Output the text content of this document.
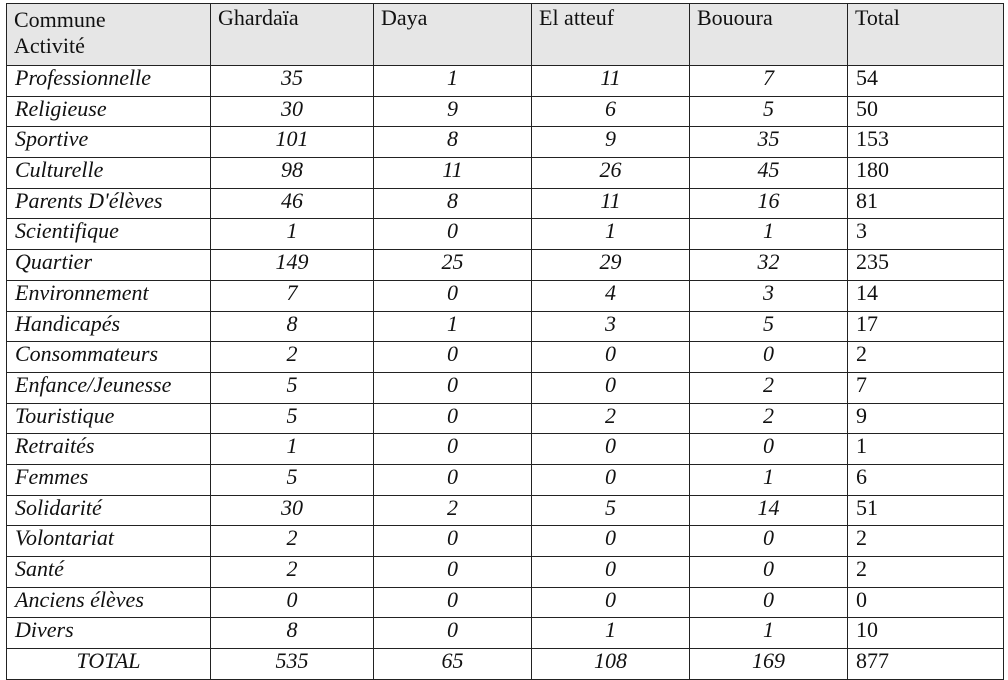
Commune
Activité	Ghardaïa	Daya	El atteuf	Bououra	Total
Professionnelle	35	1	11	7	54
Religieuse	30	9	6	5	50
Sportive	101	8	9	35	153
Culturelle	98	11	26	45	180
Parents D'élèves	46	8	11	16	81
Scientifique	1	0	1	1	3
Quartier	149	25	29	32	235
Environnement	7	0	4	3	14
Handicapés	8	1	3	5	17
Consommateurs	2	0	0	0	2
Enfance/Jeunesse	5	0	0	2	7
Touristique	5	0	2	2	9
Retraités	1	0	0	0	1
Femmes	5	0	0	1	6
Solidarité	30	2	5	14	51
Volontariat	2	0	0	0	2
Santé	2	0	0	0	2
Anciens élèves	0	0	0	0	0
Divers	8	0	1	1	10
TOTAL	535	65	108	169	877
